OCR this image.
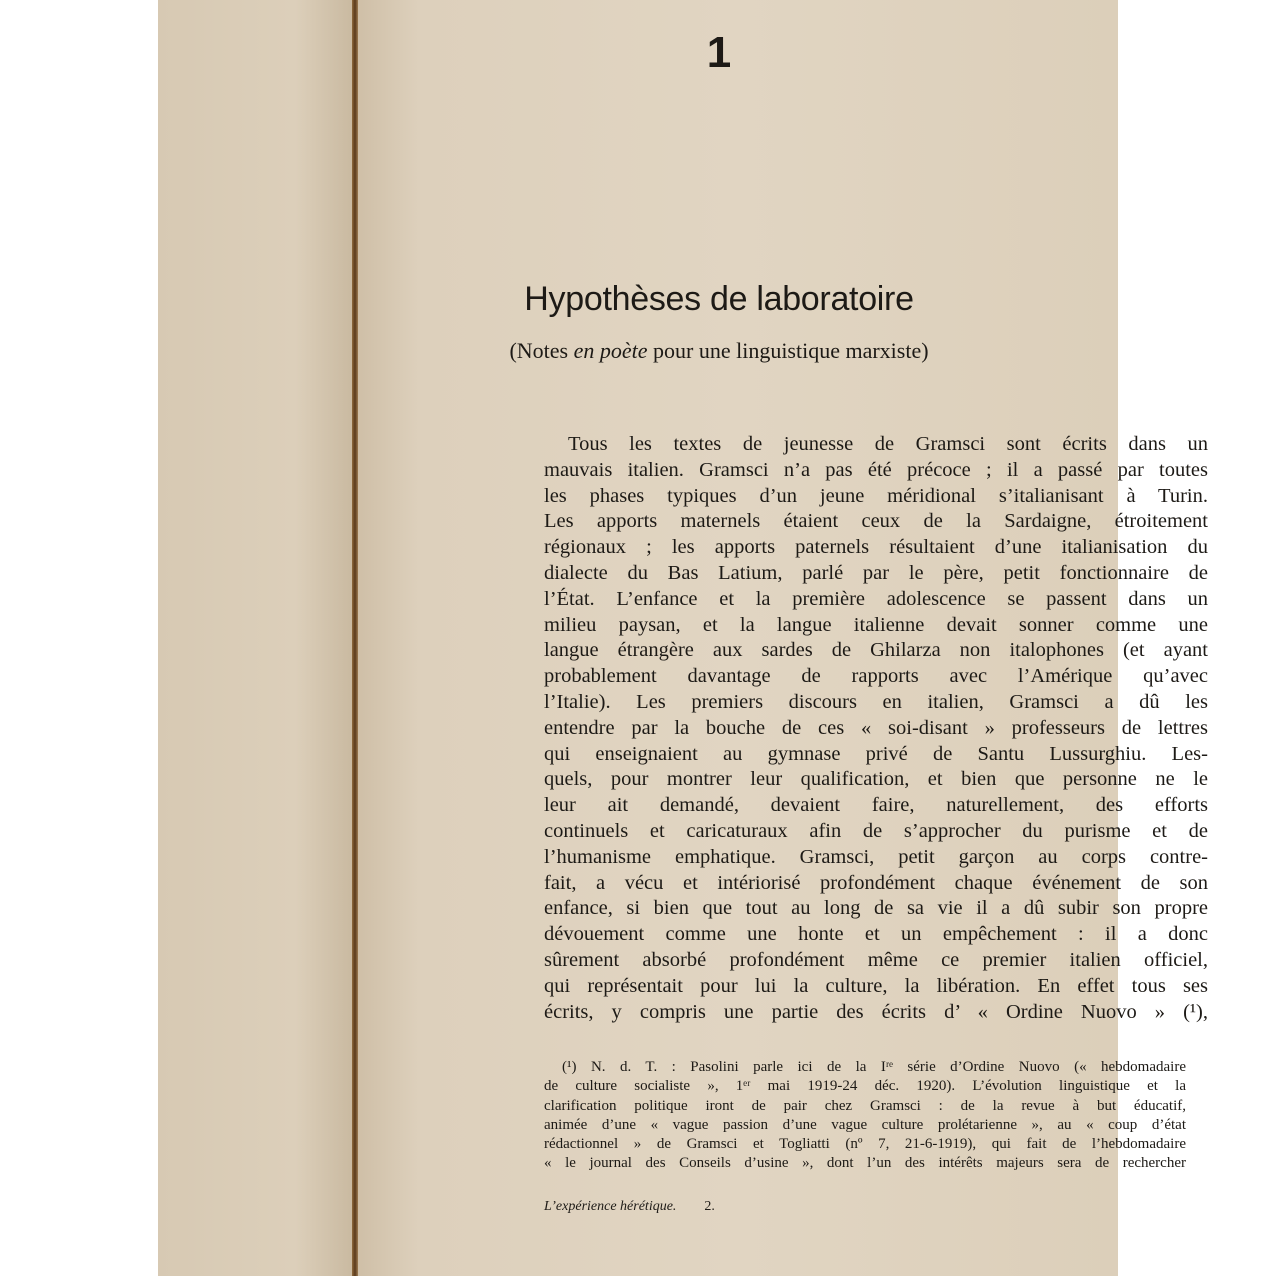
1
Hypothèses de laboratoire
(Notes en poète pour une linguistique marxiste)
Tous les textes de jeunesse de Gramsci sont écrits dans un
mauvais italien. Gramsci n’a pas été précoce ; il a passé par toutes
les phases typiques d’un jeune méridional s’italianisant à Turin.
Les apports maternels étaient ceux de la Sardaigne, étroitement
régionaux ; les apports paternels résultaient d’une italianisation du
dialecte du Bas Latium, parlé par le père, petit fonctionnaire de
l’État. L’enfance et la première adolescence se passent dans un
milieu paysan, et la langue italienne devait sonner comme une
langue étrangère aux sardes de Ghilarza non italophones (et ayant
probablement davantage de rapports avec l’Amérique qu’avec
l’Italie). Les premiers discours en italien, Gramsci a dû les
entendre par la bouche de ces « soi-disant » professeurs de lettres
qui enseignaient au gymnase privé de Santu Lussurghiu. Les-
quels, pour montrer leur qualification, et bien que personne ne le
leur ait demandé, devaient faire, naturellement, des efforts
continuels et caricaturaux afin de s’approcher du purisme et de
l’humanisme emphatique. Gramsci, petit garçon au corps contre-
fait, a vécu et intériorisé profondément chaque événement de son
enfance, si bien que tout au long de sa vie il a dû subir son propre
dévouement comme une honte et un empêchement : il a donc
sûrement absorbé profondément même ce premier italien officiel,
qui représentait pour lui la culture, la libération. En effet tous ses
écrits, y compris une partie des écrits d’ « Ordine Nuovo » (¹),
(¹) N. d. T. : Pasolini parle ici de la Iʳᵉ série d’Ordine Nuovo (« hebdomadaire
de culture socialiste », 1ᵉʳ mai 1919-24 déc. 1920). L’évolution linguistique et la
clarification politique iront de pair chez Gramsci : de la revue à but éducatif,
animée d’une « vague passion d’une vague culture prolétarienne », au « coup d’état
rédactionnel » de Gramsci et Togliatti (nº 7, 21-6-1919), qui fait de l’hebdomadaire
« le journal des Conseils d’usine », dont l’un des intérêts majeurs sera de rechercher
L’expérience hérétique. 2.
